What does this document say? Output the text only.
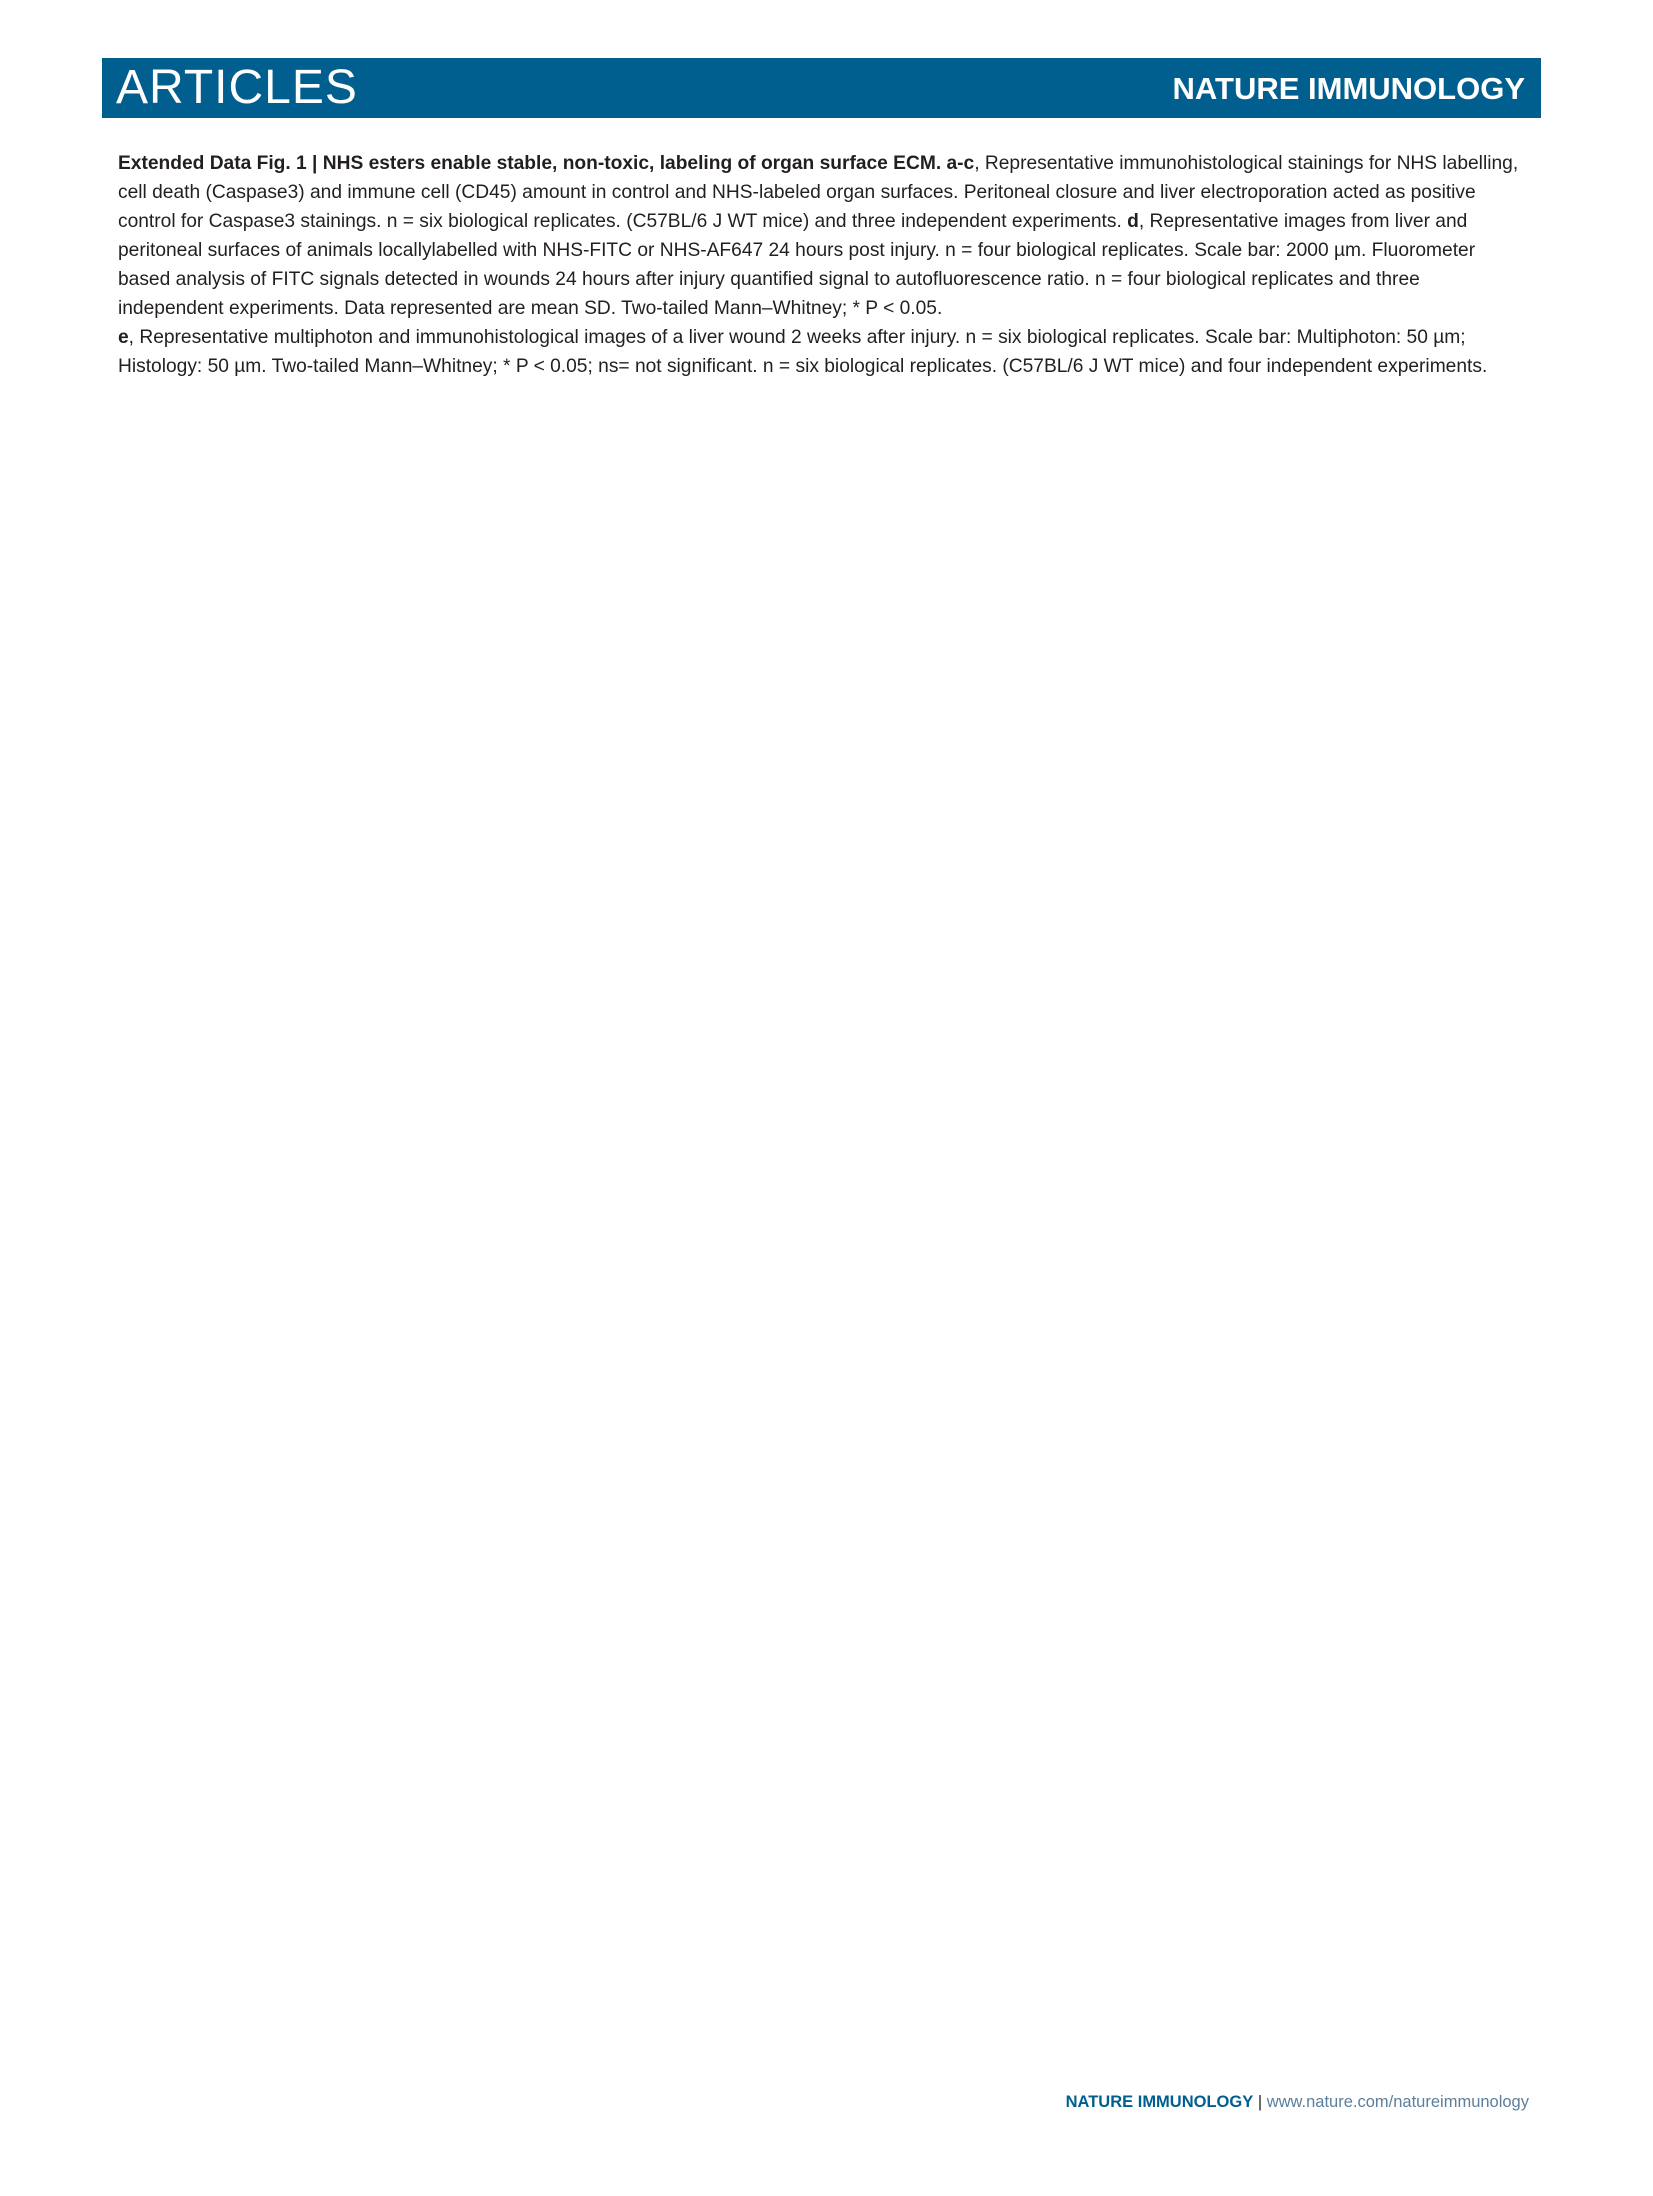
ARTICLES	NATURE IMMUNOLOGY
Extended Data Fig. 1 | NHS esters enable stable, non-toxic, labeling of organ surface ECM. a-c, Representative immunohistological stainings for NHS labelling, cell death (Caspase3) and immune cell (CD45) amount in control and NHS-labeled organ surfaces. Peritoneal closure and liver electroporation acted as positive control for Caspase3 stainings. n = six biological replicates. (C57BL/6 J WT mice) and three independent experiments. d, Representative images from liver and peritoneal surfaces of animals locallylabelled with NHS-FITC or NHS-AF647 24 hours post injury. n = four biological replicates. Scale bar: 2000 µm. Fluorometer based analysis of FITC signals detected in wounds 24 hours after injury quantified signal to autofluorescence ratio. n = four biological replicates and three independent experiments. Data represented are mean SD. Two-tailed Mann–Whitney; * P < 0.05.
e, Representative multiphoton and immunohistological images of a liver wound 2 weeks after injury. n = six biological replicates. Scale bar: Multiphoton: 50 µm; Histology: 50 µm. Two-tailed Mann–Whitney; * P < 0.05; ns= not significant. n = six biological replicates. (C57BL/6 J WT mice) and four independent experiments.
NATURE IMMUNOLOGY | www.nature.com/natureimmunology
